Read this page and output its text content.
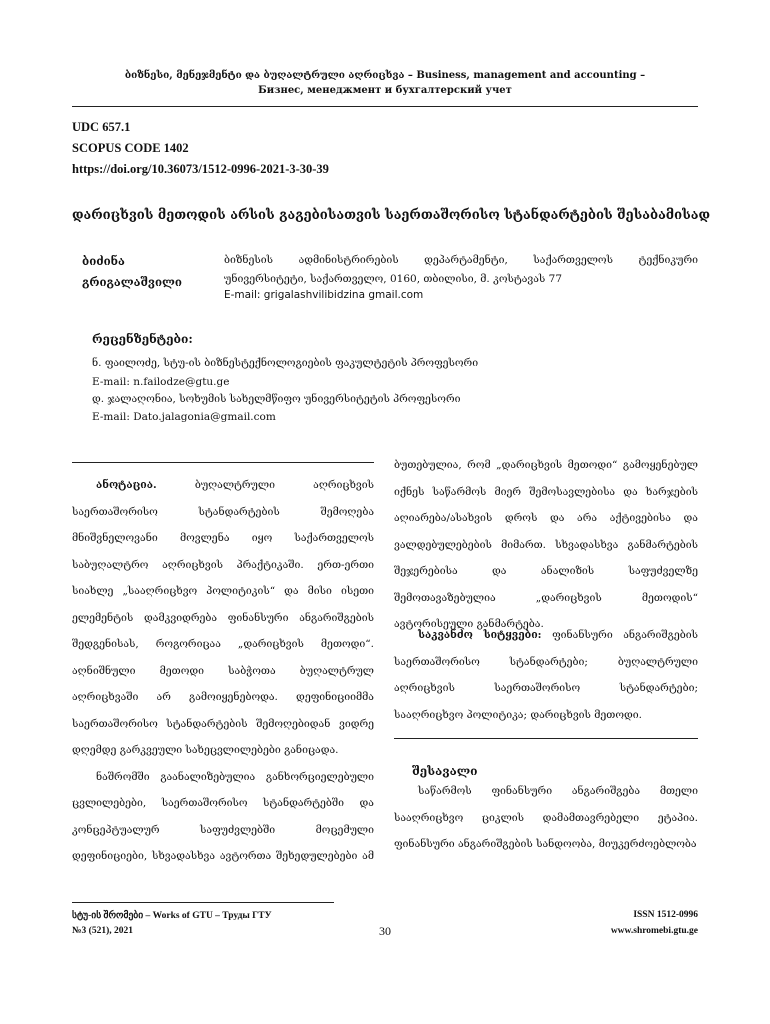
ბიზნესი, მენეჯმენტი და ბუღალტრული აღრიცხვა – Business, management and accounting –
Бизнес, менеджмент и бухгалтерский учет
UDC 657.1
SCOPUS CODE 1402
https://doi.org/10.36073/1512-0996-2021-3-30-39
დარიცხვის მეთოდის არსის გაგებისათვის საერთაშორისო სტანდარტების შესაბამისად
ბიძინა
გრიგალაშვილი
ბიზნესის ადმინისტრირების დეპარტამენტი, საქართველოს ტექნიკური
უნივერსიტეტი, საქართველო, 0160, თბილისი, მ. კოსტავას 77
E-mail: grigalashvilibidzina gmail.com
რეცენზენტები:
ნ. ფაილოძე, სტუ-ის ბიზნესტექნოლოგიების ფაკულტეტის პროფესორი
E-mail: n.failodze@gtu.ge
დ. ჯალაღონია, სოხუმის სახელმწიფო უნივერსიტეტის პროფესორი
E-mail: Dato.jalagonia@gmail.com

ანოტაცია.	ბუღალტრული აღრიცხვის საერთაშორისო სტანდარტების შემოღება მნიშვნელოვანი მოვლენა იყო საქართველოს საბუღალტრო აღრიცხვის პრაქტიკაში. ერთ-ერთი სიახლე „სააღრიცხვო პოლიტიკის“ და მისი ისეთი ელემენტის დამკვიდრება ფინანსური ანგარიშგების შედგენისას, როგორიცაა „დარიცხვის მეთოდი“. აღნიშნული მეთოდი საბჭოთა ბუღალტრულ აღრიცხვაში არ გამოიყენებოდა. დეფინიციიმმა საერთაშორისო სტანდარტების შემოღებიდან ვიდრე დღემდე გარკვეული სახეცვლილებები განიცადა.

ნაშრომში გაანალიზებულია განხორციელებული ცვლილებები, საერთაშორისო სტანდარტებში და კონცეპტუალურ საფუძვლებში მოცემული დეფინიციები, სხვადასხვა ავტორთა შეხედულებები ამ

ბუთებულია, რომ „დარიცხვის მეთოდი“ გამოყენებულ იქნეს საწარმოს მიერ შემოსავლებისა და ხარჯების აღიარება/ასახვის დროს და არა აქტივებისა და ვალდებულებების მიმართ. სხვადასხვა განმარტების შეჯერებისა და ანალიზის საფუძველზე შემოთავაზებულია „დარიცხვის მეთოდის“ ავტორისეული განმარტება.

საკვანძო სიტყვები: ფინანსური ანგარიშგების საერთაშორისო სტანდარტები; ბუღალტრული აღრიცხვის საერთაშორისო სტანდარტები; სააღრიცხვო პოლიტიკა; დარიცხვის მეთოდი.

შესავალი

საწარმოს ფინანსური ანგარიშგება მთელი სააღრიცხვო ციკლის დამამთავრებელი ეტაპია. ფინანსური ანგარიშგების სანდოობა, მიუკერძოებლობა

სტუ-ის შრომები – Works of GTU – Труды ГТУ
№3 (521), 2021	30
ISSN 1512-0996
www.shromebi.gtu.ge
